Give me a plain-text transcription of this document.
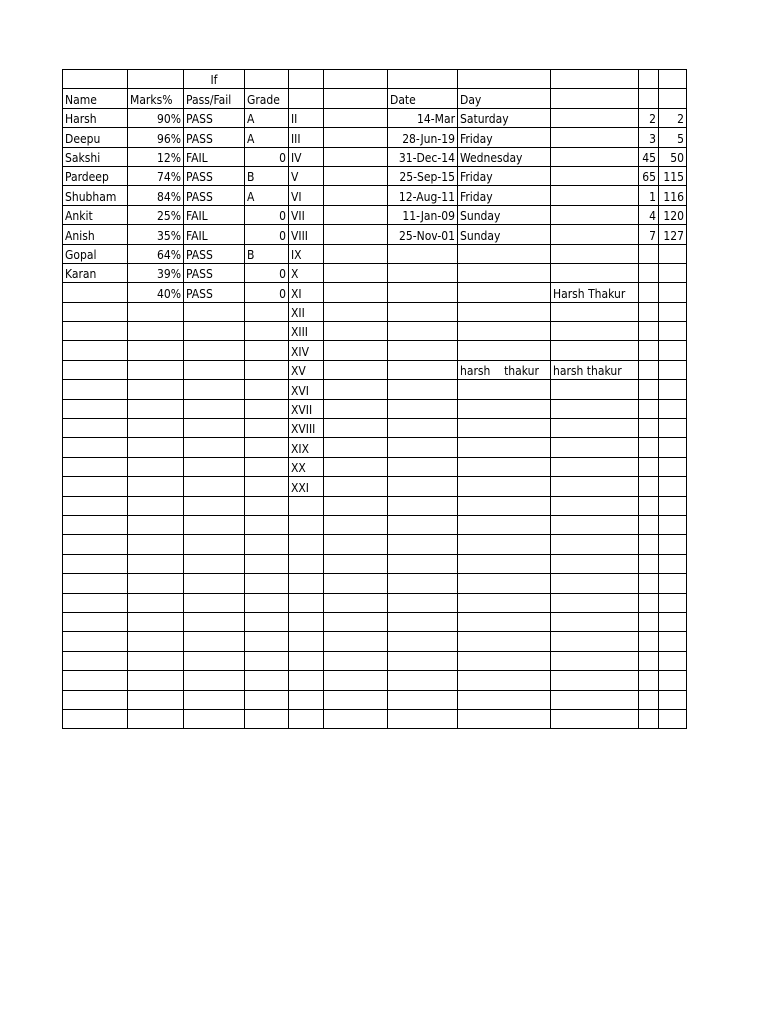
		If								
Name	Marks%	Pass/Fail	Grade			Date	Day			
Harsh	90%	PASS	A	II		14-Mar	Saturday		2	2
Deepu	96%	PASS	A	III		28-Jun-19	Friday		3	5
Sakshi	12%	FAIL	0	IV		31-Dec-14	Wednesday		45	50
Pardeep	74%	PASS	B	V		25-Sep-15	Friday		65	115
Shubham	84%	PASS	A	VI		12-Aug-11	Friday		1	116
Ankit	25%	FAIL	0	VII		11-Jan-09	Sunday		4	120
Anish	35%	FAIL	0	VIII		25-Nov-01	Sunday		7	127
Gopal	64%	PASS	B	IX						
Karan	39%	PASS	0	X						
	40%	PASS	0	XI				Harsh Thakur		
				XII						
				XIII						
				XIV						
				XV			harsh    thakur	harsh thakur		
				XVI						
				XVII						
				XVIII						
				XIX						
				XX						
				XXI						
